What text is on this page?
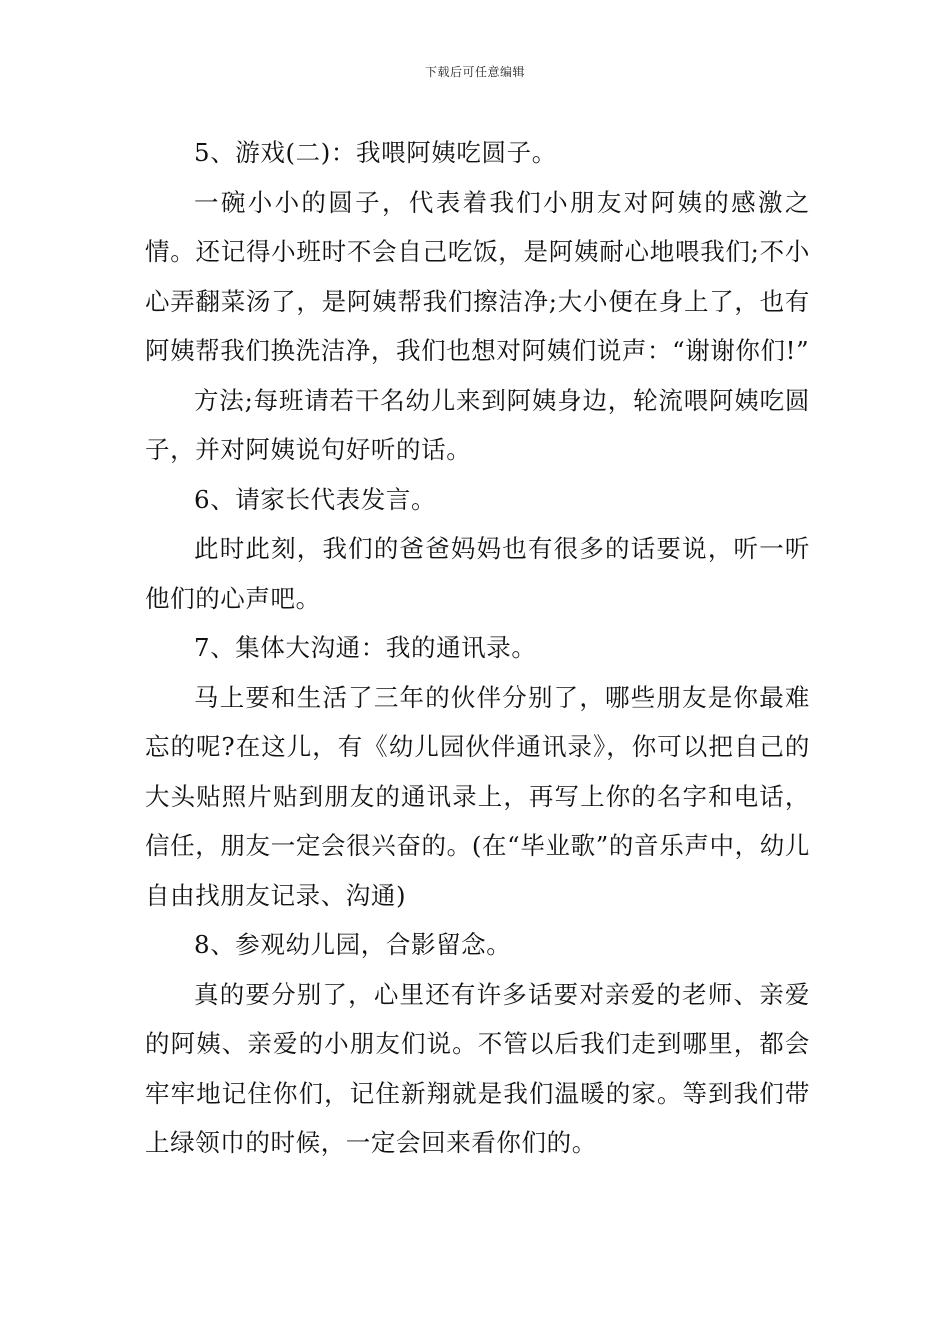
下载后可任意编辑

5、游戏(二)：我喂阿姨吃圆子。

一碗小小的圆子，代表着我们小朋友对阿姨的感激之情。还记得小班时不会自己吃饭，是阿姨耐心地喂我们;不小心弄翻菜汤了，是阿姨帮我们擦洁净;大小便在身上了，也有阿姨帮我们换洗洁净，我们也想对阿姨们说声：“谢谢你们!”

方法;每班请若干名幼儿来到阿姨身边，轮流喂阿姨吃圆子，并对阿姨说句好听的话。

6、请家长代表发言。

此时此刻，我们的爸爸妈妈也有很多的话要说，听一听他们的心声吧。

7、集体大沟通：我的通讯录。

马上要和生活了三年的伙伴分别了，哪些朋友是你最难忘的呢?在这儿，有《幼儿园伙伴通讯录》，你可以把自己的大头贴照片贴到朋友的通讯录上，再写上你的名字和电话，信任，朋友一定会很兴奋的。(在“毕业歌”的音乐声中，幼儿自由找朋友记录、沟通)

8、参观幼儿园，合影留念。

真的要分别了，心里还有许多话要对亲爱的老师、亲爱的阿姨、亲爱的小朋友们说。不管以后我们走到哪里，都会牢牢地记住你们，记住新翔就是我们温暖的家。等到我们带上绿领巾的时候，一定会回来看你们的。
